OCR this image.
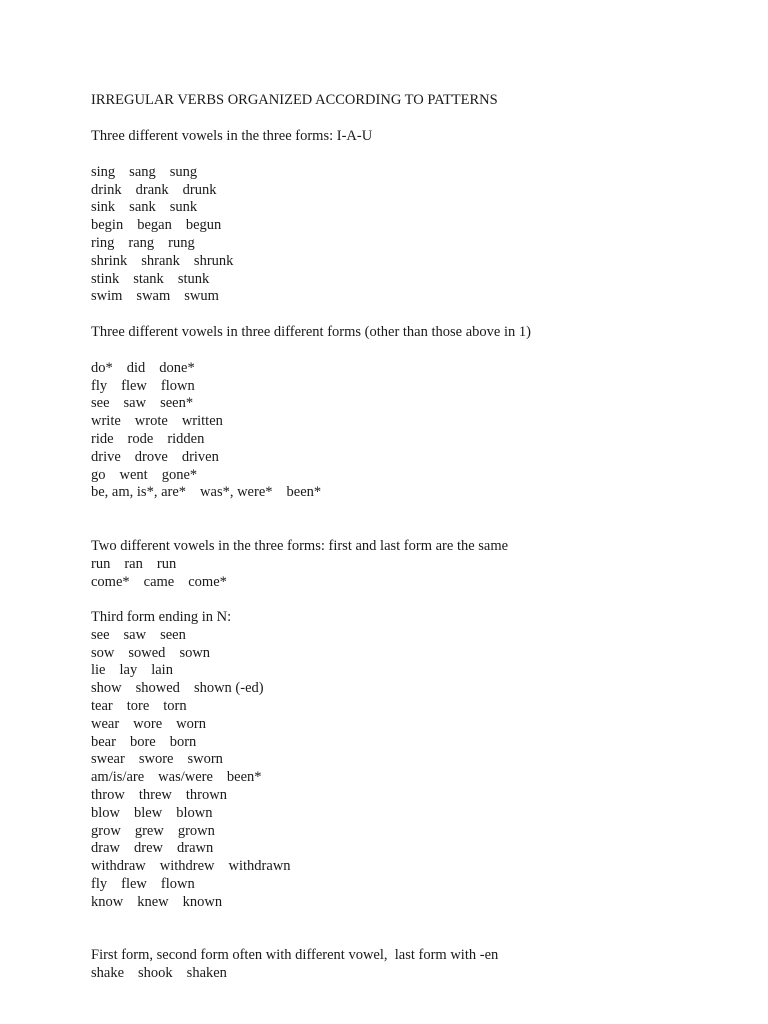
IRREGULAR VERBS ORGANIZED ACCORDING TO PATTERNS
Three different vowels in the three forms: I-A-U
sing sang sung
drink drank drunk
sink sank sunk
begin began begun
ring rang rung
shrink shrank shrunk
stink stank stunk
swim swam swum
Three different vowels in three different forms (other than those above in 1)
do* did done*
fly flew flown
see saw seen*
write wrote written
ride rode ridden
drive drove driven
go went gone*
be, am, is*, are* was*, were* been*
Two different vowels in the three forms: first and last form are the same
run ran run
come* came come*
Third form ending in N:
see saw seen
sow sowed sown
lie lay lain
show showed shown (-ed)
tear tore torn
wear wore worn
bear bore born
swear swore sworn
am/is/are was/were been*
throw threw thrown
blow blew blown
grow grew grown
draw drew drawn
withdraw withdrew withdrawn
fly flew flown
know knew known
First form, second form often with different vowel,  last form with -en
shake shook shaken
